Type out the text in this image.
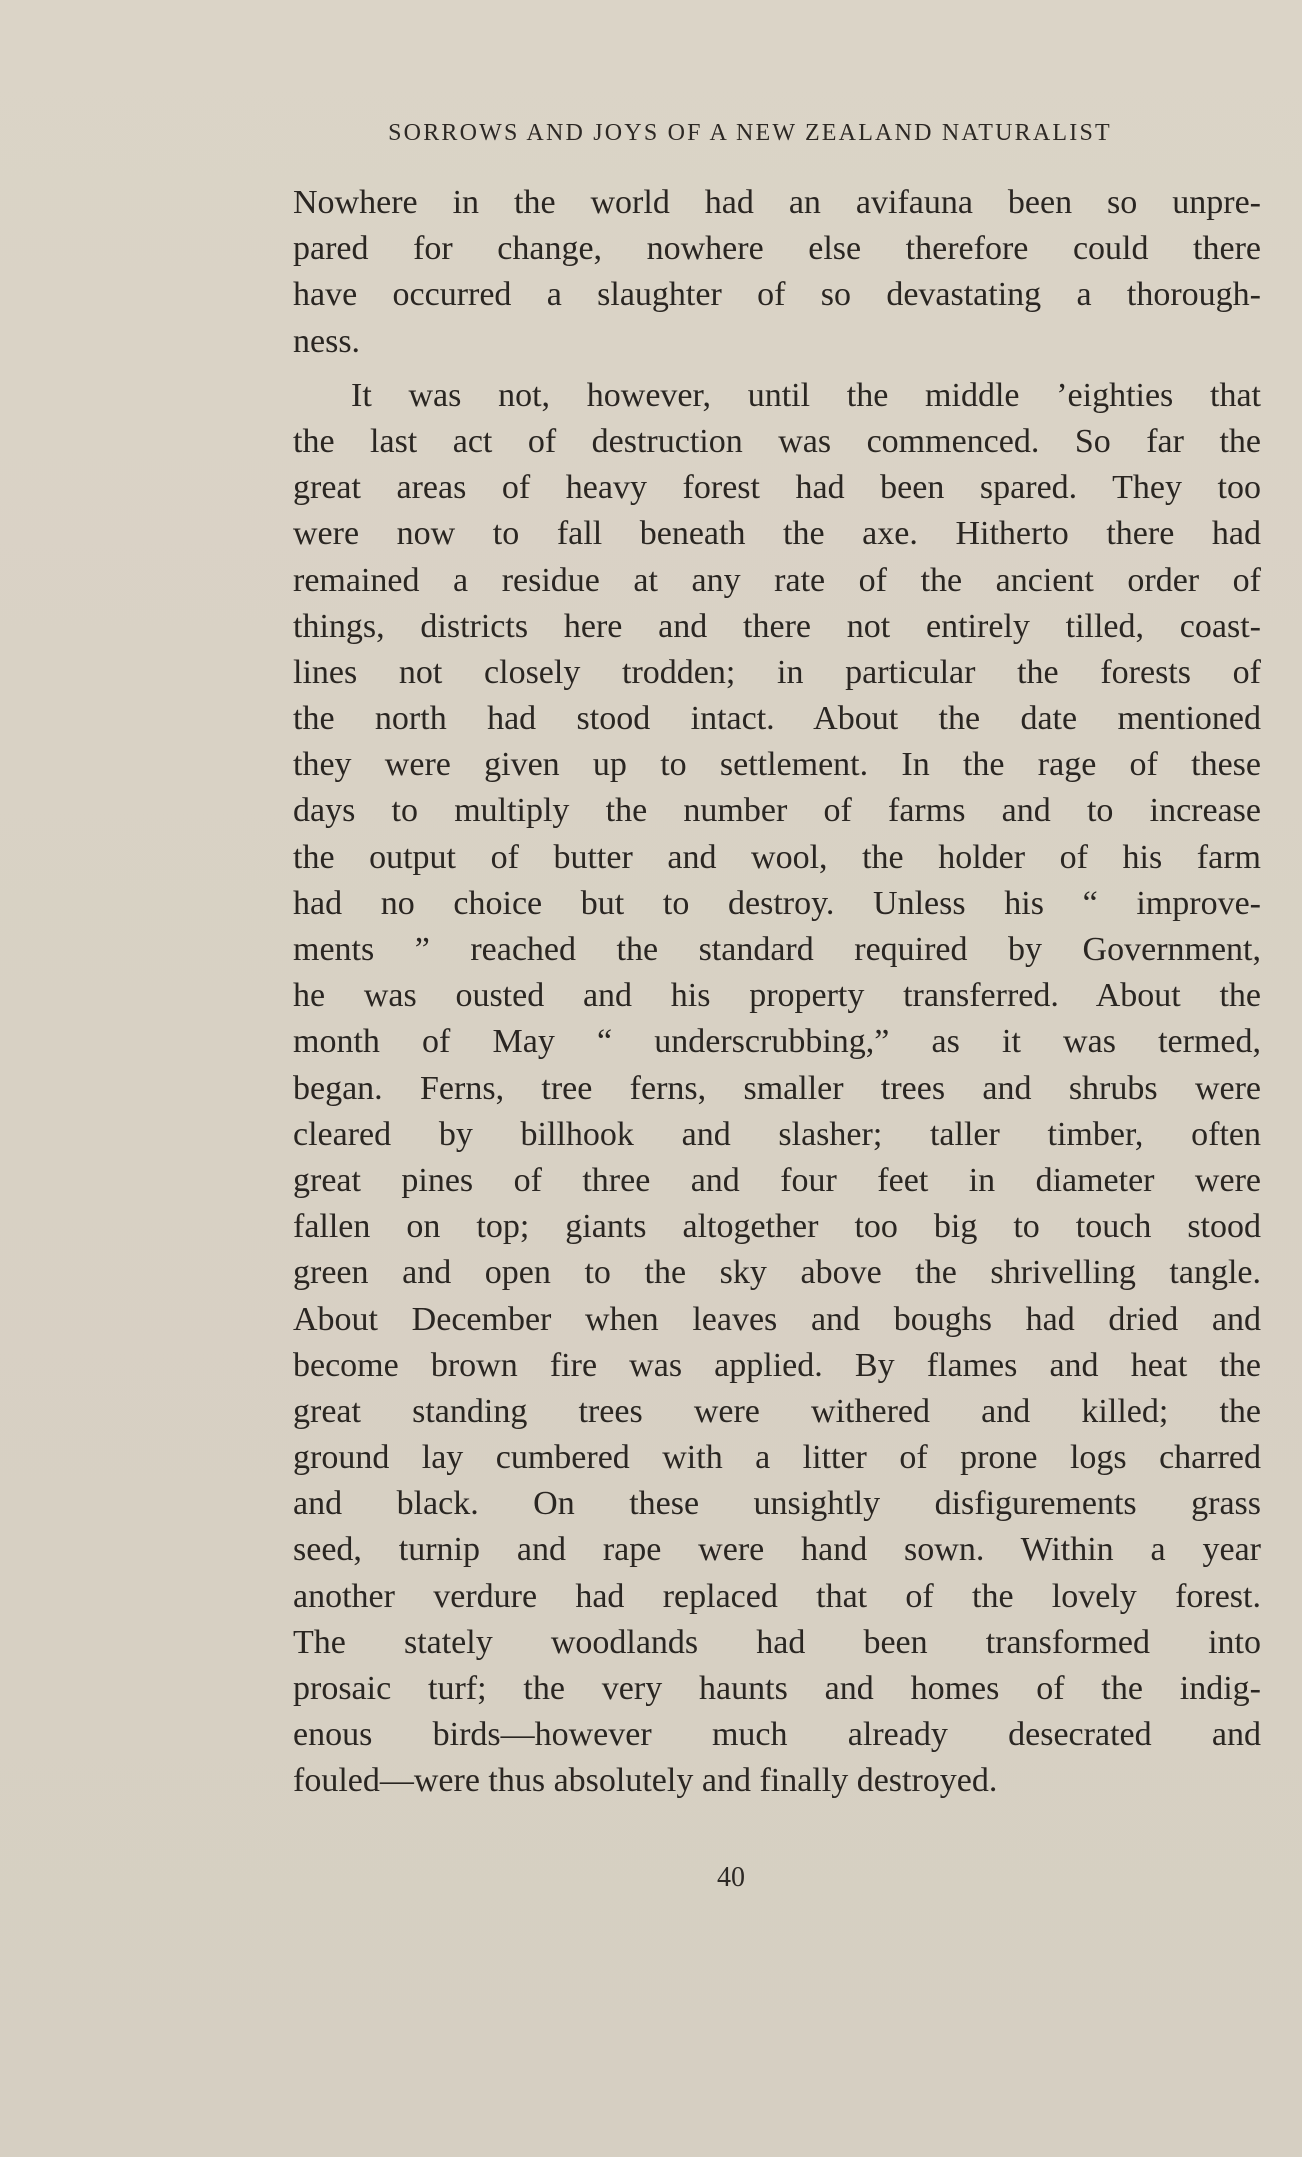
SORROWS AND JOYS OF A NEW ZEALAND NATURALIST
Nowhere in the world had an avifauna been so unpre-
pared for change, nowhere else therefore could there
have occurred a slaughter of so devastating a thorough-
ness.
It was not, however, until the middle ’eighties that
the last act of destruction was commenced. So far the
great areas of heavy forest had been spared. They too
were now to fall beneath the axe. Hitherto there had
remained a residue at any rate of the ancient order of
things, districts here and there not entirely tilled, coast-
lines not closely trodden; in particular the forests of
the north had stood intact. About the date mentioned
they were given up to settlement. In the rage of these
days to multiply the number of farms and to increase
the output of butter and wool, the holder of his farm
had no choice but to destroy. Unless his “ improve-
ments ” reached the standard required by Government,
he was ousted and his property transferred. About the
month of May “ underscrubbing,” as it was termed,
began. Ferns, tree ferns, smaller trees and shrubs were
cleared by billhook and slasher; taller timber, often
great pines of three and four feet in diameter were
fallen on top; giants altogether too big to touch stood
green and open to the sky above the shrivelling tangle.
About December when leaves and boughs had dried and
become brown fire was applied. By flames and heat the
great standing trees were withered and killed; the
ground lay cumbered with a litter of prone logs charred
and black. On these unsightly disfigurements grass
seed, turnip and rape were hand sown. Within a year
another verdure had replaced that of the lovely forest.
The stately woodlands had been transformed into
prosaic turf; the very haunts and homes of the indig-
enous birds—however much already desecrated and
fouled—were thus absolutely and finally destroyed.
40
